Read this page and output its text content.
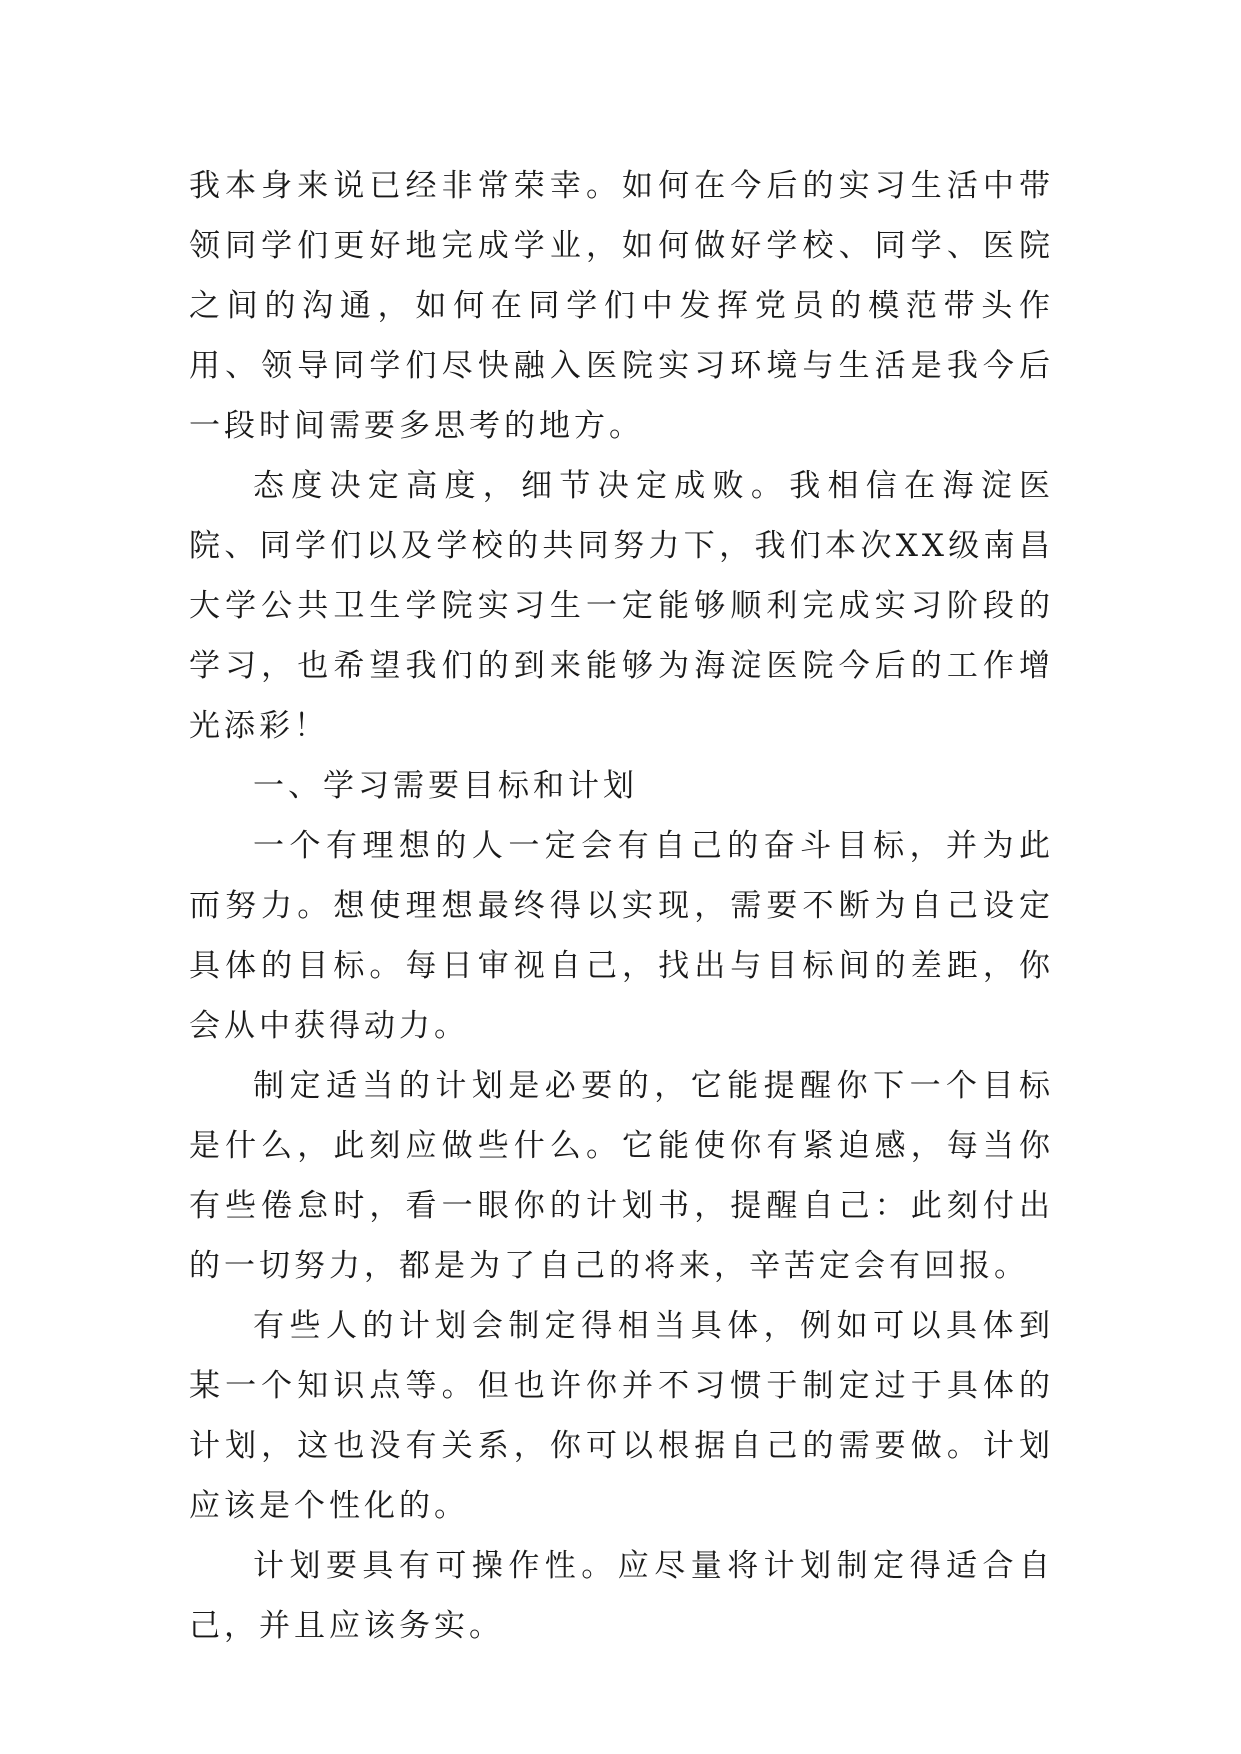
我本身来说已经非常荣幸。如何在今后的实习生活中带领同学们更好地完成学业，如何做好学校、同学、医院之间的沟通，如何在同学们中发挥党员的模范带头作用、领导同学们尽快融入医院实习环境与生活是我今后一段时间需要多思考的地方。

态度决定高度，细节决定成败。我相信在海淀医院、同学们以及学校的共同努力下，我们本次XX级南昌大学公共卫生学院实习生一定能够顺利完成实习阶段的学习，也希望我们的到来能够为海淀医院今后的工作增光添彩！

一、学习需要目标和计划

一个有理想的人一定会有自己的奋斗目标，并为此而努力。想使理想最终得以实现，需要不断为自己设定具体的目标。每日审视自己，找出与目标间的差距，你会从中获得动力。

制定适当的计划是必要的，它能提醒你下一个目标是什么，此刻应做些什么。它能使你有紧迫感，每当你有些倦怠时，看一眼你的计划书，提醒自己：此刻付出的一切努力，都是为了自己的将来，辛苦定会有回报。

有些人的计划会制定得相当具体，例如可以具体到某一个知识点等。但也许你并不习惯于制定过于具体的计划，这也没有关系，你可以根据自己的需要做。计划应该是个性化的。

计划要具有可操作性。应尽量将计划制定得适合自己，并且应该务实。
